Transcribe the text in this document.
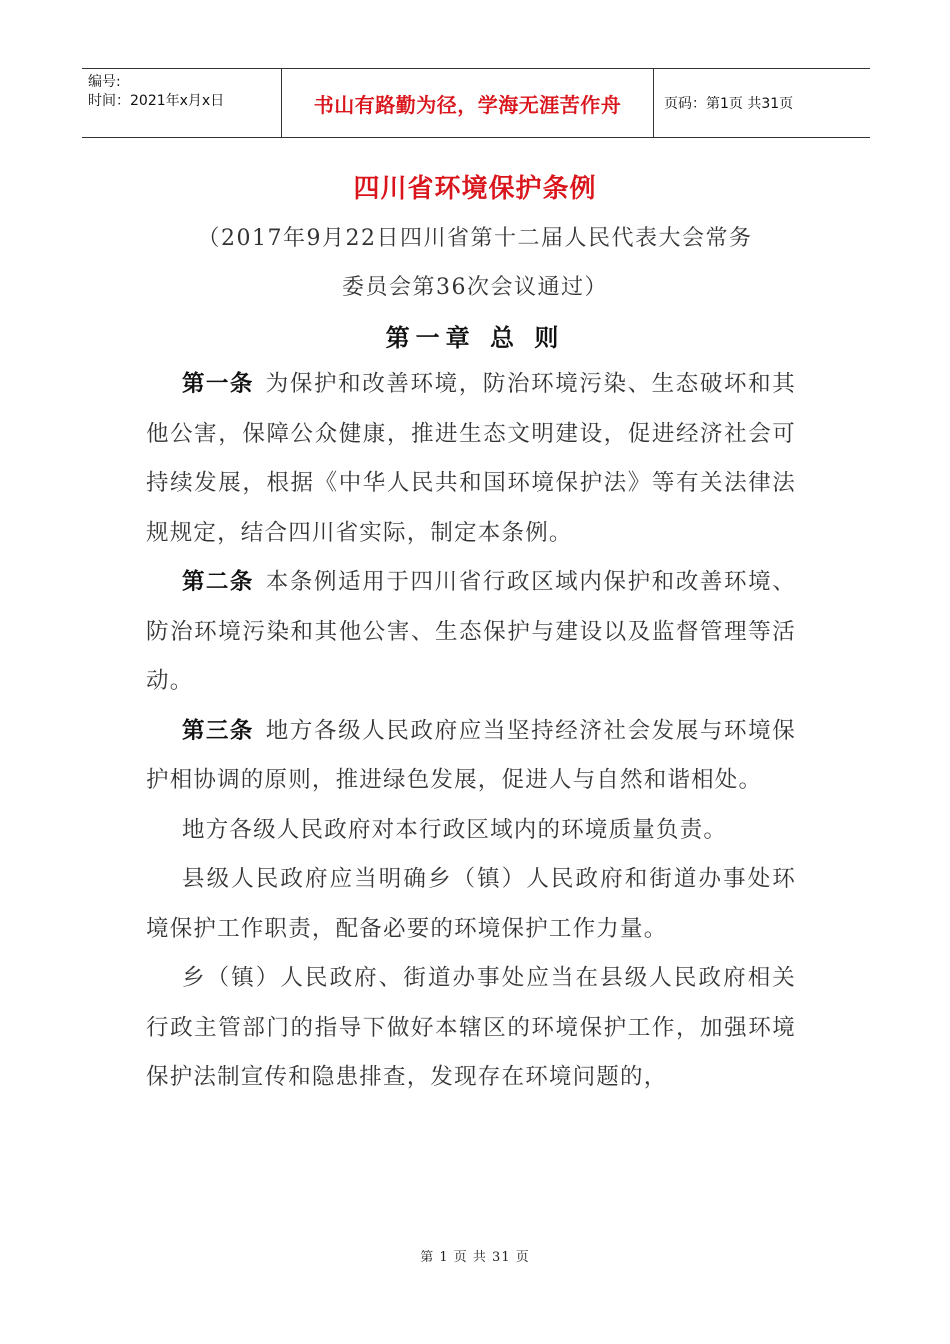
编号:
时间：2021年x月x日	书山有路勤为径，学海无涯苦作舟	页码：第1页 共31页
四川省环境保护条例
（2017年9月22日四川省第十二届人民代表大会常务
委员会第36次会议通过）
第一章 总 则

第一条 为保护和改善环境，防治环境污染、生态破坏和其他公害，保障公众健康，推进生态文明建设，促进经济社会可持续发展，根据《中华人民共和国环境保护法》等有关法律法规规定，结合四川省实际，制定本条例。

第二条 本条例适用于四川省行政区域内保护和改善环境、防治环境污染和其他公害、生态保护与建设以及监督管理等活动。

第三条 地方各级人民政府应当坚持经济社会发展与环境保护相协调的原则，推进绿色发展，促进人与自然和谐相处。

地方各级人民政府对本行政区域内的环境质量负责。

县级人民政府应当明确乡（镇）人民政府和街道办事处环境保护工作职责，配备必要的环境保护工作力量。

乡（镇）人民政府、街道办事处应当在县级人民政府相关行政主管部门的指导下做好本辖区的环境保护工作，加强环境保护法制宣传和隐患排查，发现存在环境问题的，

第 1 页 共 31 页
